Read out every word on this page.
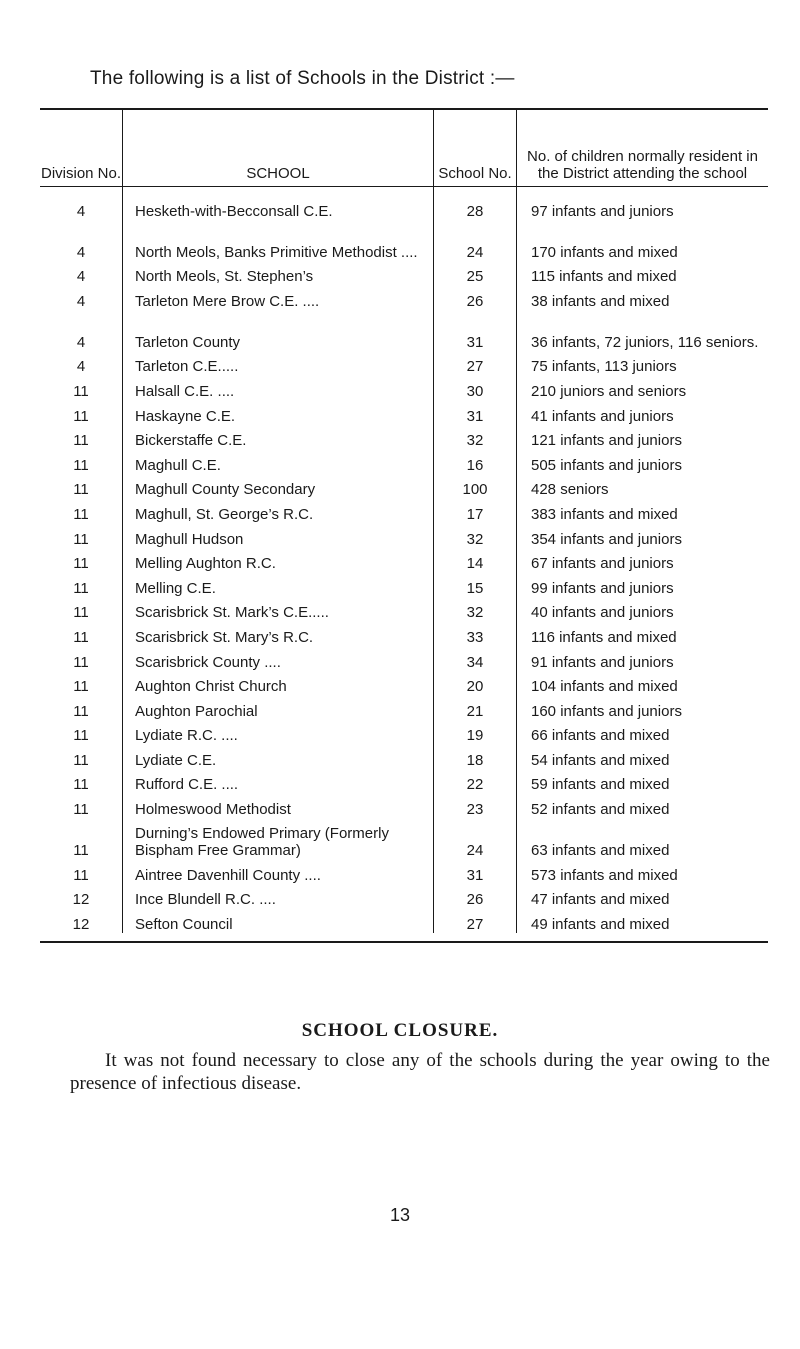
The following is a list of Schools in the District :—
Division No.	SCHOOL	School No.	No. of children normally resident in the District attending the school
4	Hesketh-with-Becconsall C.E.	28	97 infants and juniors
4	North Meols, Banks Primitive Methodist ....	24	170 infants and mixed
4	North Meols, St. Stephen’s	25	115 infants and mixed
4	Tarleton Mere Brow C.E. ....	26	38 infants and mixed
4	Tarleton County	31	36 infants, 72 juniors, 116 seniors.
4	Tarleton C.E.....	27	75 infants, 113 juniors
11	Halsall C.E. ....	30	210 juniors and seniors
11	Haskayne C.E.	31	41 infants and juniors
11	Bickerstaffe C.E.	32	121 infants and juniors
11	Maghull C.E.	16	505 infants and juniors
11	Maghull County Secondary	100	428 seniors
11	Maghull, St. George’s R.C.	17	383 infants and mixed
11	Maghull Hudson	32	354 infants and juniors
11	Melling Aughton R.C.	14	67 infants and juniors
11	Melling C.E.	15	99 infants and juniors
11	Scarisbrick St. Mark’s C.E.....	32	40 infants and juniors
11	Scarisbrick St. Mary’s R.C.	33	116 infants and mixed
11	Scarisbrick County ....	34	91 infants and juniors
11	Aughton Christ Church	20	104 infants and mixed
11	Aughton Parochial	21	160 infants and juniors
11	Lydiate R.C. ....	19	66 infants and mixed
11	Lydiate C.E.	18	54 infants and mixed
11	Rufford C.E. ....	22	59 infants and mixed
11	Holmeswood Methodist	23	52 infants and mixed
11	Durning’s Endowed Primary (Formerly Bispham Free Grammar)	24	63 infants and mixed
11	Aintree Davenhill County ....	31	573 infants and mixed
12	Ince Blundell R.C. ....	26	47 infants and mixed
12	Sefton Council	27	49 infants and mixed
SCHOOL CLOSURE.
It was not found necessary to close any of the schools during the year owing to the presence of infectious disease.
13
